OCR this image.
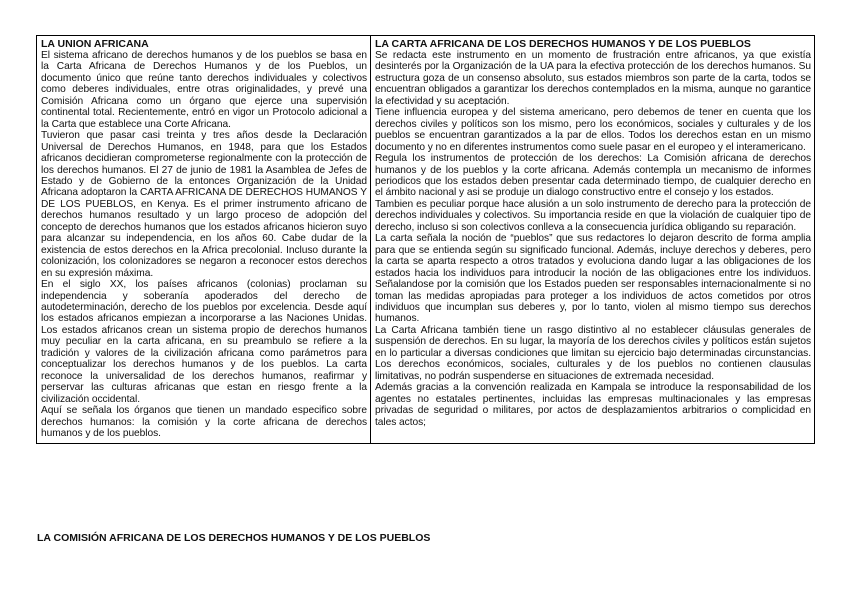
LA UNION AFRICANA

El sistema africano de derechos humanos y de los pueblos se basa en la Carta Africana de Derechos Humanos y de los Pueblos, un documento único que reúne tanto derechos individuales y colectivos como deberes individuales, entre otras originalidades, y prevé una Comisión Africana como un órgano que ejerce una supervisión continental total. Recientemente, entró en vigor un Protocolo adicional a la Carta que establece una Corte Africana.

Tuvieron que pasar casi treinta y tres años desde la Declaración Universal de Derechos Humanos, en 1948, para que los Estados africanos decidieran comprometerse regionalmente con la protección de los derechos humanos. El 27 de junio de 1981 la Asamblea de Jefes de Estado y de Gobierno de la entonces Organización de la Unidad Africana adoptaron la CARTA AFRICANA DE DERECHOS HUMANOS Y DE LOS PUEBLOS, en Kenya. Es el primer instrumento africano de derechos humanos resultado y un largo proceso de adopción del concepto de derechos humanos que los estados africanos hicieron suyo para alcanzar su independencia, en los años 60. Cabe dudar de la existencia de estos derechos en la Africa precolonial. Incluso durante la colonización, los colonizadores se negaron a reconocer estos derechos en su expresión máxima.

En el siglo XX, los países africanos (colonias) proclaman su independencia y soberanía apoderados del derecho de autodeterminación, derecho de los pueblos por excelencia. Desde aquí los estados africanos empiezan a incorporarse a las Naciones Unidas. Los estados africanos crean un sistema propio de derechos humanos muy peculiar en la carta africana, en su preambulo se refiere a la tradición y valores de la civilización africana como parámetros para conceptualizar los derechos humanos y de los pueblos. La carta reconoce la universalidad de los derechos humanos, reafirmar y perservar las culturas africanas que estan en riesgo frente a la civilización occidental.

Aquí se señala los órganos que tienen un mandado especifico sobre derechos humanos: la comisión y la corte africana de derechos humanos y de los pueblos.

LA CARTA AFRICANA DE LOS DERECHOS HUMANOS Y DE LOS PUEBLOS

Se redacta este instrumento en un momento de frustración entre africanos, ya que existía desinterés por la Organización de la UA para la efectiva protección de los derechos humanos. Su estructura goza de un consenso absoluto, sus estados miembros son parte de la carta, todos se encuentran obligados a garantizar los derechos contemplados en la misma, aunque no garantice la efectividad y su aceptación.

Tiene influencia europea y del sistema americano, pero debemos de tener en cuenta que los derechos civiles y políticos son los mismo, pero los económicos, sociales y culturales y de los pueblos se encuentran garantizados a la par de ellos. Todos los derechos estan en un mismo documento y no en diferentes instrumentos como suele pasar en el europeo y el interamericano.

Regula los instrumentos de protección de los derechos: La Comisión africana de derechos humanos y de los pueblos y la corte africana. Además contempla un mecanismo de informes periodicos que los estados deben presentar cada determinado tiempo, de cualquier derecho en el ámbito nacional y asi se produje un dialogo constructivo entre el consejo y los estados.

Tambien es peculiar porque hace alusión a un solo instrumento de derecho para la protección de derechos individuales y colectivos. Su importancia reside en que la violación de cualquier tipo de derecho, incluso si son colectivos conlleva a la consecuencia jurídica obligando su reparación.

La carta señala la noción de “pueblos” que sus redactores lo dejaron descrito de forma amplia para que se entienda según su significado funcional. Además, incluye derechos y deberes, pero la carta se aparta respecto a otros tratados y evoluciona dando lugar a las obligaciones de los estados hacia los individuos para introducir la noción de las obligaciones entre los individuos. Señalandose por la comisión que los Estados pueden ser responsables internacionalmente si no toman las medidas apropiadas para proteger a los individuos de actos cometidos por otros individuos que incumplan sus deberes y, por lo tanto, violen al mismo tiempo sus derechos humanos.

La Carta Africana también tiene un rasgo distintivo al no establecer cláusulas generales de suspensión de derechos. En su lugar, la mayoría de los derechos civiles y políticos están sujetos en lo particular a diversas condiciones que limitan su ejercicio bajo determinadas circunstancias. Los derechos económicos, sociales, culturales y de los pueblos no contienen clausulas limitativas, no podrán suspenderse en situaciones de extremada necesidad.

Además gracias a la convención realizada en Kampala se introduce la responsabilidad de los agentes no estatales pertinentes, incluidas las empresas multinacionales y las empresas privadas de seguridad o militares, por actos de desplazamientos arbitrarios o complicidad en tales actos;

LA COMISIÓN AFRICANA DE LOS DERECHOS HUMANOS Y DE LOS PUEBLOS
